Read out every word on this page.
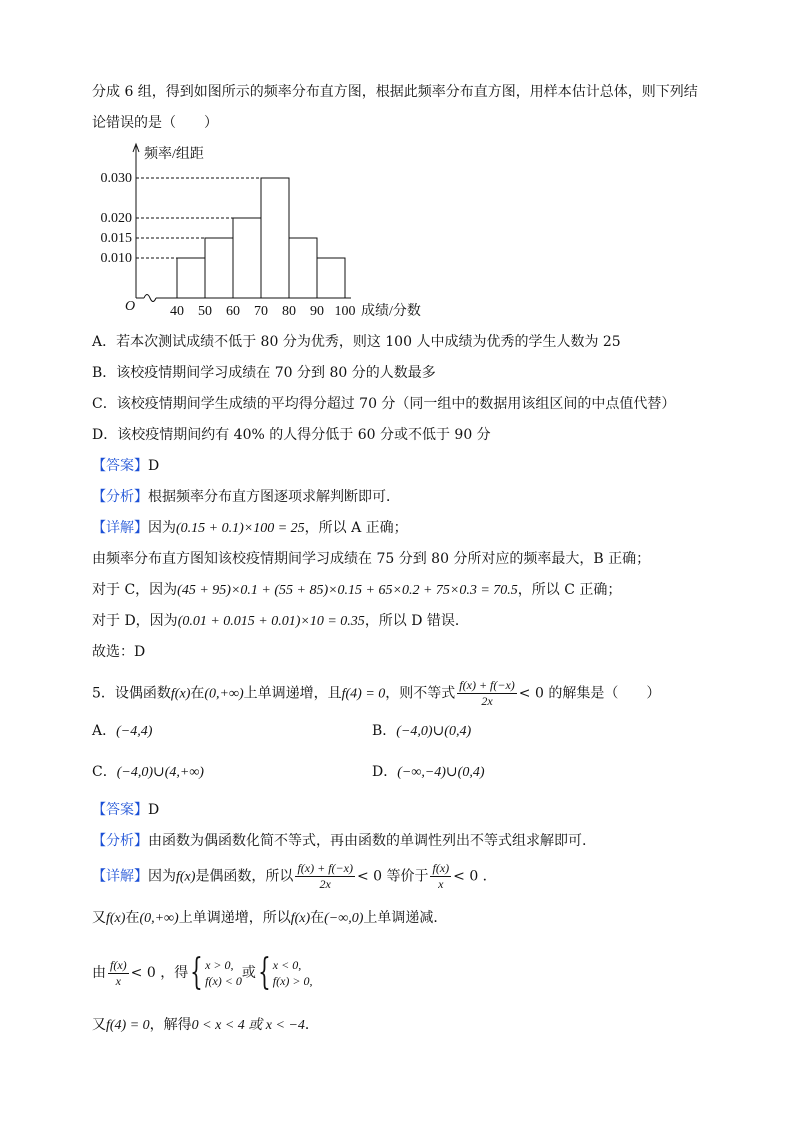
分成 6 组，得到如图所示的频率分布直方图，根据此频率分布直方图，用样本估计总体，则下列结
论错误的是（　　）
0.030
0.020
0.015
0.010
40 50 60 70 80 90 100
O
频率/组距
成绩/分数
A．若本次测试成绩不低于 80 分为优秀，则这 100 人中成绩为优秀的学生人数为 25
B．该校疫情期间学习成绩在 70 分到 80 分的人数最多
C．该校疫情期间学生成绩的平均得分超过 70 分（同一组中的数据用该组区间的中点值代替）
D．该校疫情期间约有 40% 的人得分低于 60 分或不低于 90 分
【答案】D
【分析】根据频率分布直方图逐项求解判断即可．
【详解】因为(0.15 + 0.1)×100 = 25，所以 A 正确；
由频率分布直方图知该校疫情期间学习成绩在 75 分到 80 分所对应的频率最大，B 正确；
对于 C，因为(45 + 95)×0.1 + (55 + 85)×0.15 + 65×0.2 + 75×0.3 = 70.5，所以 C 正确；
对于 D，因为(0.01 + 0.015 + 0.01)×10 = 0.35，所以 D 错误．
故选：D
5．设偶函数f(x)在(0,+∞)上单调递增，且f(4) = 0，则不等式 $\frac{f(x) + f(-x)}{2x} < 0$ 的解集是（　　）
A．(−4,4)	B．(−4,0)∪(0,4)
C．(−4,0)∪(4,+∞)	D．(−∞,−4)∪(0,4)
【答案】D
【分析】由函数为偶函数化简不等式，再由函数的单调性列出不等式组求解即可.
【详解】因为f(x)是偶函数，所以 $\frac{f(x) + f(-x)}{2x} < 0$ 等价于 $\frac{f(x)}{x} < 0$ ．
又f(x)在(0,+∞)上单调递增，所以f(x)在(−∞,0)上单调递减．
由 $\frac{f(x)}{x} < 0$ ，得{ x > 0,
f(x) < 0 或{ x < 0,
f(x) > 0,
又f(4) = 0，解得0 < x < 4 或 x < −4．
